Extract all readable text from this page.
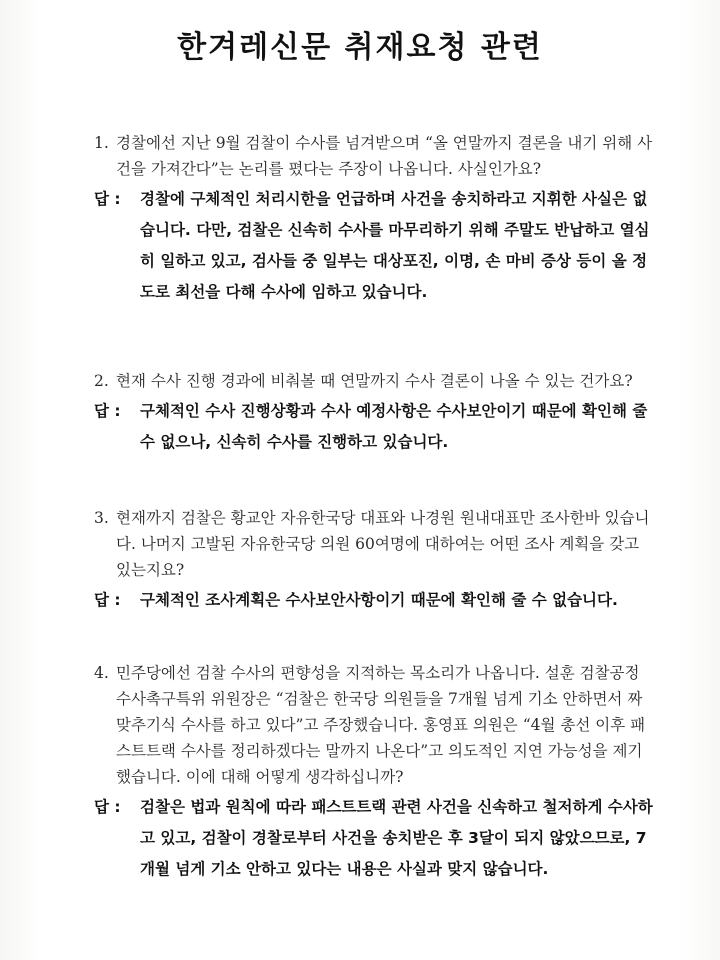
한겨레신문 취재요청 관련
1. 경찰에선 지난 9월 검찰이 수사를 넘겨받으며 “올 연말까지 결론을 내기 위해 사건을 가져간다”는 논리를 폈다는 주장이 나옵니다. 사실인가요?
답 : 경찰에 구체적인 처리시한을 언급하며 사건을 송치하라고 지휘한 사실은 없습니다. 다만, 검찰은 신속히 수사를 마무리하기 위해 주말도 반납하고 열심히 일하고 있고, 검사들 중 일부는 대상포진, 이명, 손 마비 증상 등이 올 정도로 최선을 다해 수사에 임하고 있습니다.
2. 현재 수사 진행 경과에 비춰볼 때 연말까지 수사 결론이 나올 수 있는 건가요?
답 : 구체적인 수사 진행상황과 수사 예정사항은 수사보안이기 때문에 확인해 줄 수 없으나, 신속히 수사를 진행하고 있습니다.
3. 현재까지 검찰은 황교안 자유한국당 대표와 나경원 원내대표만 조사한바 있습니다. 나머지 고발된 자유한국당 의원 60여명에 대하여는 어떤 조사 계획을 갖고 있는지요?
답 : 구체적인 조사계획은 수사보안사항이기 때문에 확인해 줄 수 없습니다.
4. 민주당에선 검찰 수사의 편향성을 지적하는 목소리가 나옵니다. 설훈 검찰공정수사촉구특위 위원장은 “검찰은 한국당 의원들을 7개월 넘게 기소 안하면서 짜맞추기식 수사를 하고 있다”고 주장했습니다. 홍영표 의원은 “4월 총선 이후 패스트트랙 수사를 정리하겠다는 말까지 나온다”고 의도적인 지연 가능성을 제기했습니다. 이에 대해 어떻게 생각하십니까?
답 : 검찰은 법과 원칙에 따라 패스트트랙 관련 사건을 신속하고 철저하게 수사하고 있고, 검찰이 경찰로부터 사건을 송치받은 후 3달이 되지 않았으므로, 7개월 넘게 기소 안하고 있다는 내용은 사실과 맞지 않습니다.
